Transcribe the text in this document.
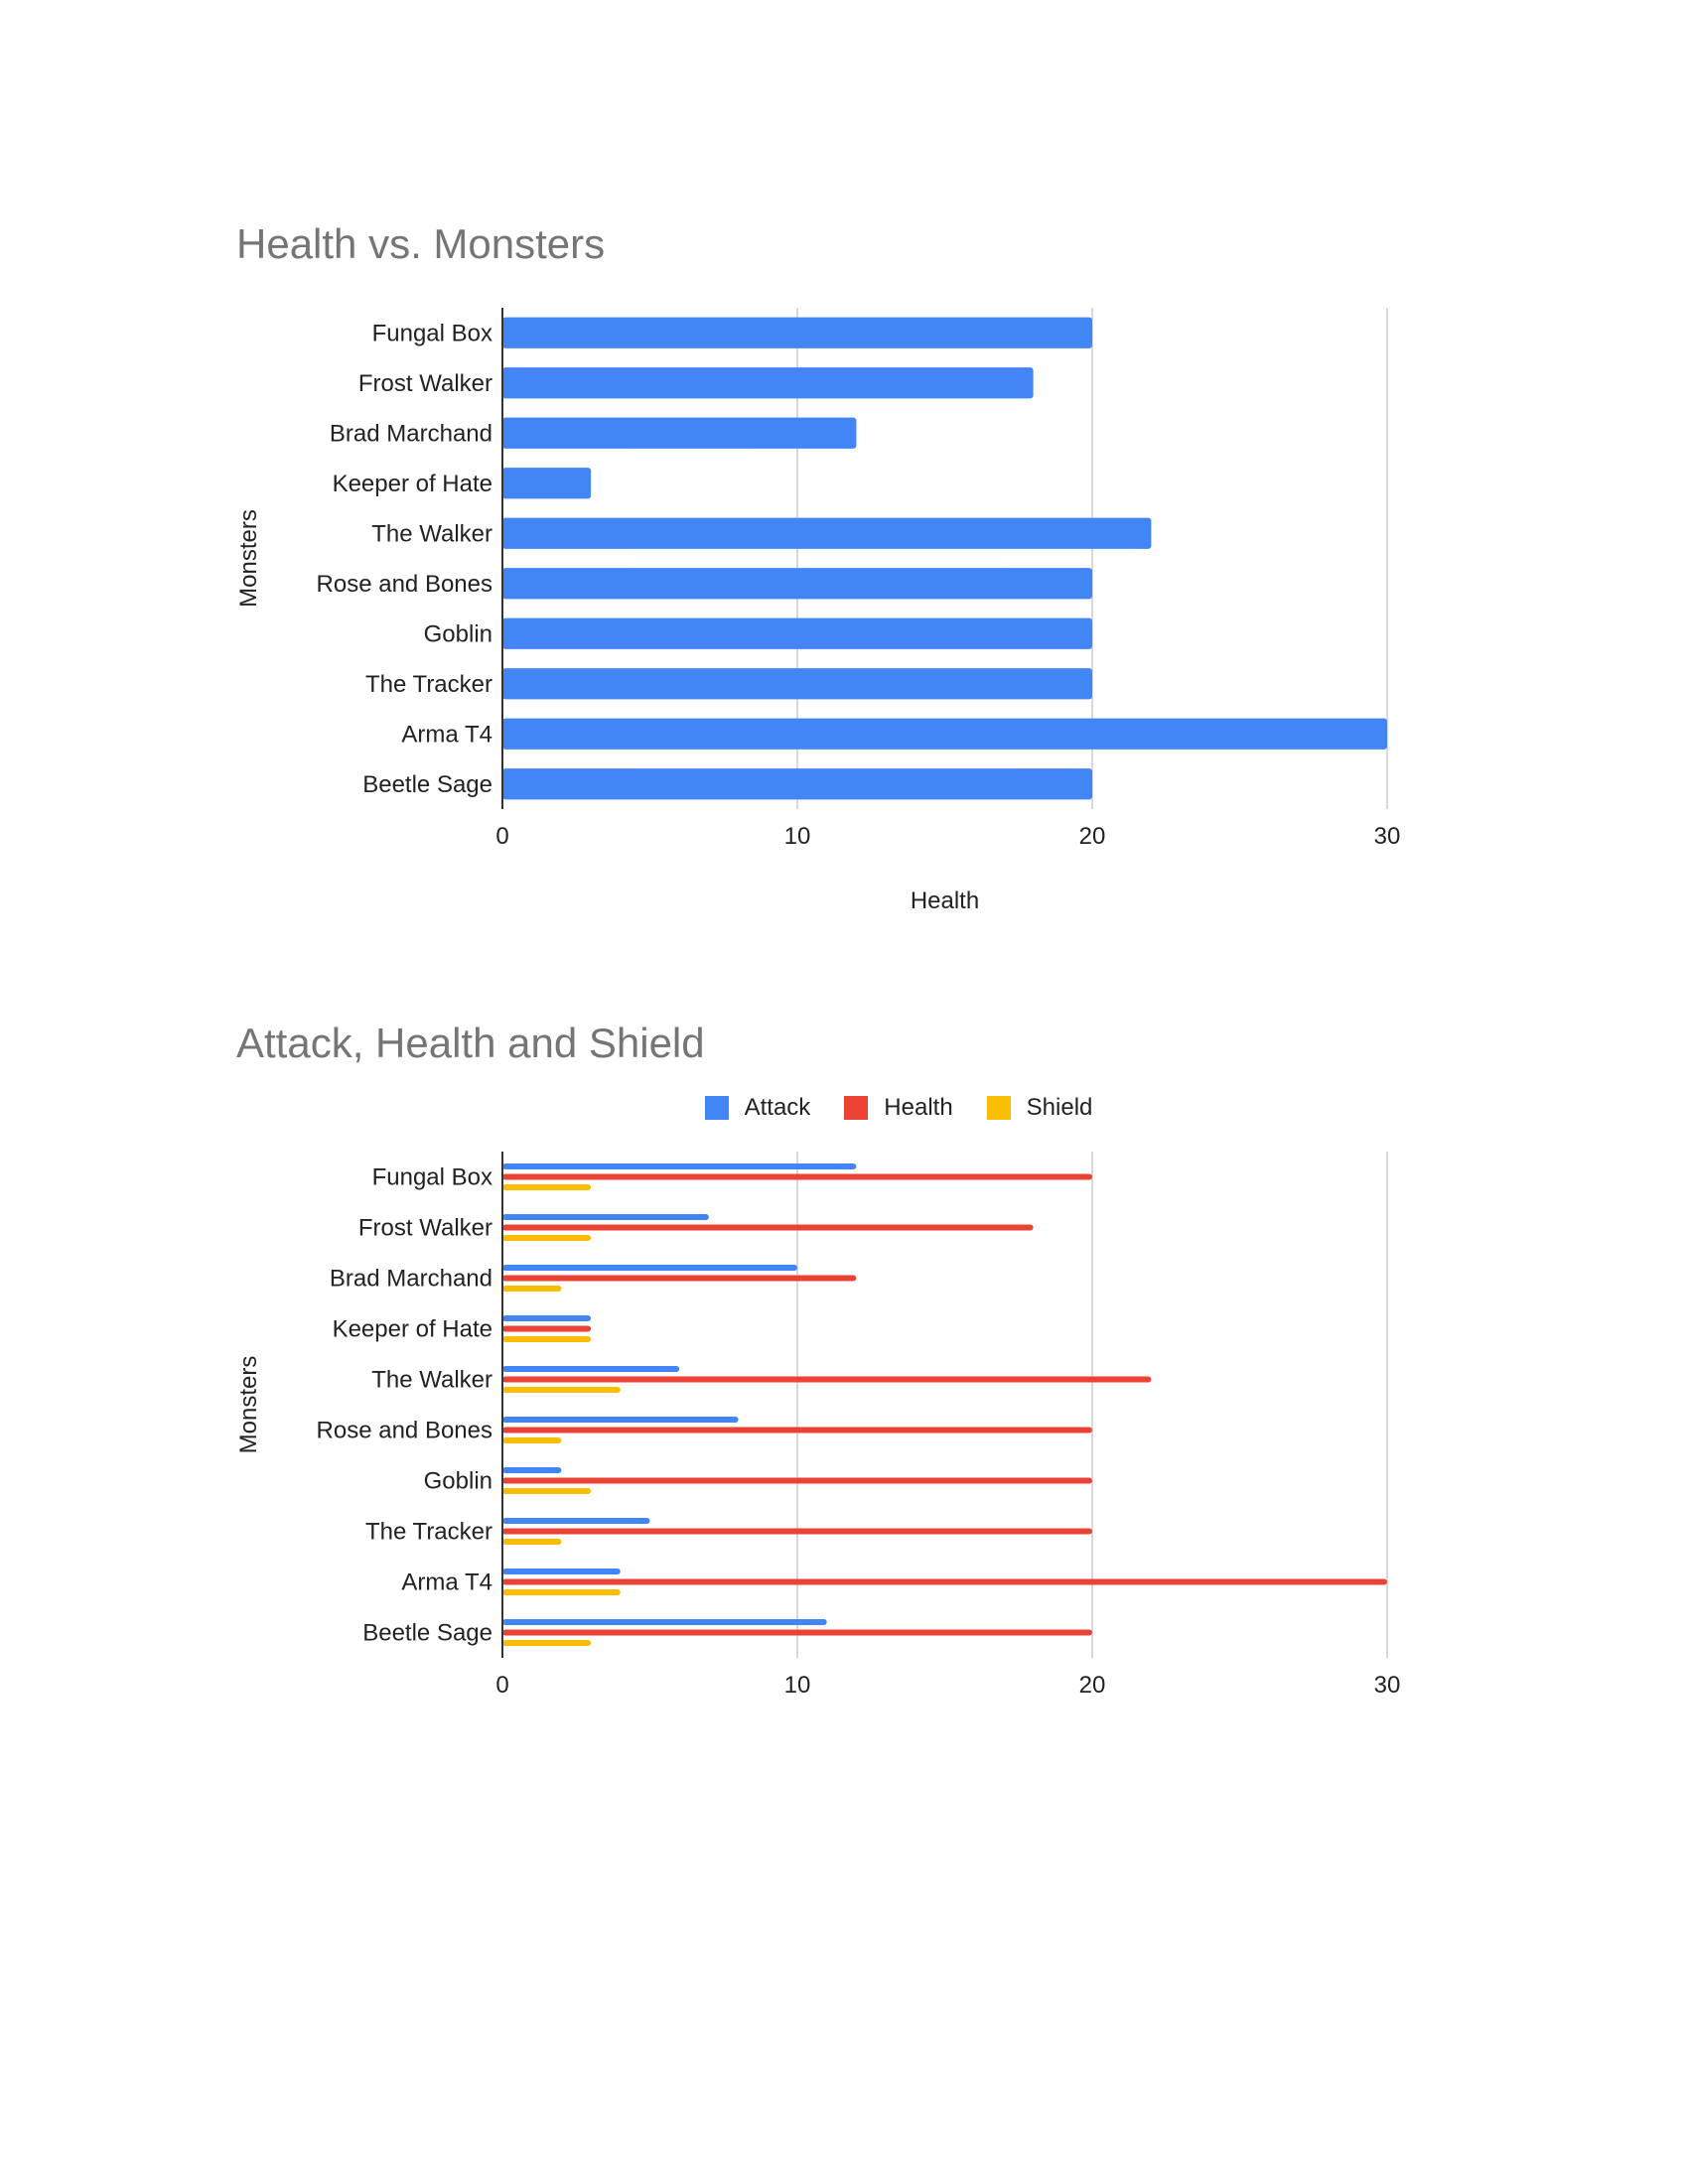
Health vs. Monsters
Fungal Box
Frost Walker
Brad Marchand
Keeper of Hate
The Walker
Rose and Bones
Goblin
The Tracker
Arma T4
Beetle Sage
0	10	20	30
Health
Monsters
Attack, Health and Shield
Attack	Health	Shield
Fungal Box
Frost Walker
Brad Marchand
Keeper of Hate
The Walker
Rose and Bones
Goblin
The Tracker
Arma T4
Beetle Sage
0	10	20	30
Monsters
